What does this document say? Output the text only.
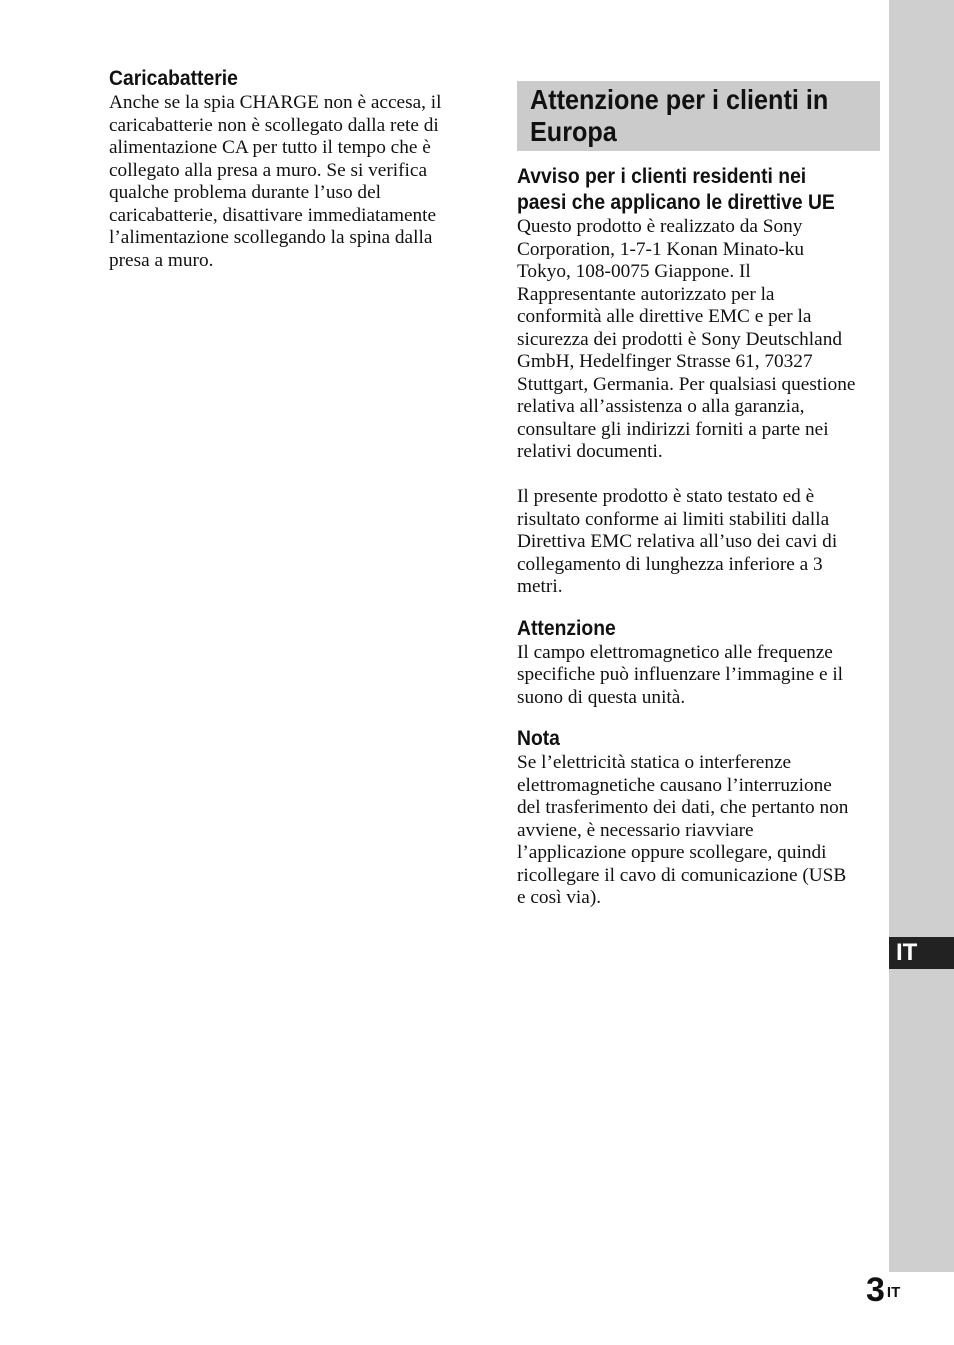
IT
Caricabatterie
Anche se la spia CHARGE non è accesa, il
caricabatterie non è scollegato dalla rete di
alimentazione CA per tutto il tempo che è
collegato alla presa a muro. Se si verifica
qualche problema durante l’uso del
caricabatterie, disattivare immediatamente
l’alimentazione scollegando la spina dalla
presa a muro.
Attenzione per i clienti in
Europa
Avviso per i clienti residenti nei
paesi che applicano le direttive UE
Questo prodotto è realizzato da Sony
Corporation, 1-7-1 Konan Minato-ku
Tokyo, 108-0075 Giappone. Il
Rappresentante autorizzato per la
conformità alle direttive EMC e per la
sicurezza dei prodotti è Sony Deutschland
GmbH, Hedelfinger Strasse 61, 70327
Stuttgart, Germania. Per qualsiasi questione
relativa all’assistenza o alla garanzia,
consultare gli indirizzi forniti a parte nei
relativi documenti.
Il presente prodotto è stato testato ed è
risultato conforme ai limiti stabiliti dalla
Direttiva EMC relativa all’uso dei cavi di
collegamento di lunghezza inferiore a 3
metri.
Attenzione
Il campo elettromagnetico alle frequenze
specifiche può influenzare l’immagine e il
suono di questa unità.
Nota
Se l’elettricità statica o interferenze
elettromagnetiche causano l’interruzione
del trasferimento dei dati, che pertanto non
avviene, è necessario riavviare
l’applicazione oppure scollegare, quindi
ricollegare il cavo di comunicazione (USB
e così via).
3 $^{IT}$
